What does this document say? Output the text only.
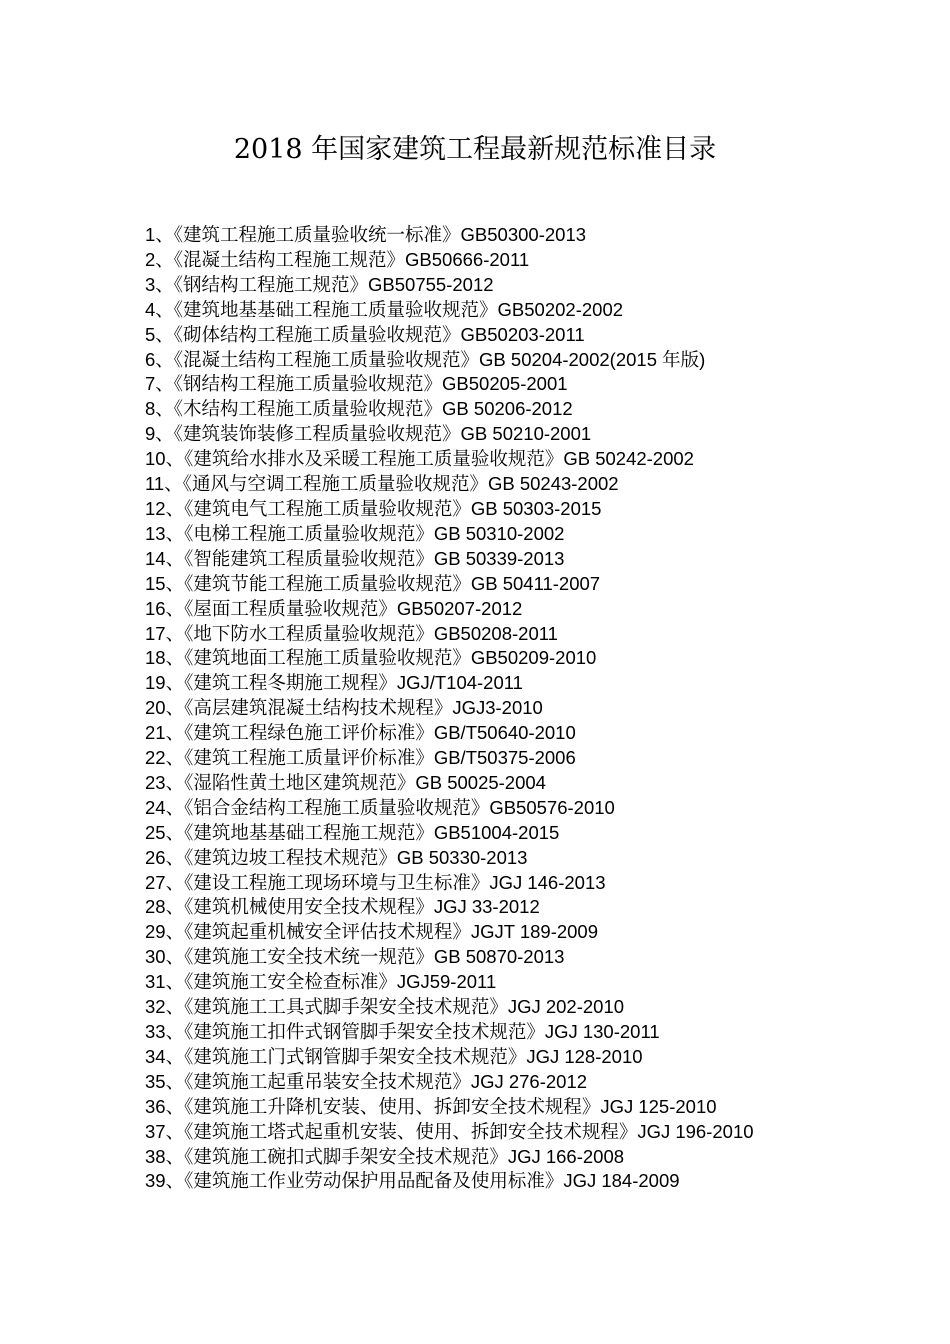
2018 年国家建筑工程最新规范标准目录
1、《建筑工程施工质量验收统一标准》GB50300-2013
2、《混凝土结构工程施工规范》GB50666-2011
3、《钢结构工程施工规范》GB50755-2012
4、《建筑地基基础工程施工质量验收规范》GB50202-2002
5、《砌体结构工程施工质量验收规范》GB50203-2011
6、《混凝土结构工程施工质量验收规范》GB 50204-2002(2015 年版)
7、《钢结构工程施工质量验收规范》GB50205-2001
8、《木结构工程施工质量验收规范》GB 50206-2012
9、《建筑装饰装修工程质量验收规范》GB 50210-2001
10、《建筑给水排水及采暖工程施工质量验收规范》GB 50242-2002
11、《通风与空调工程施工质量验收规范》GB 50243-2002
12、《建筑电气工程施工质量验收规范》GB 50303-2015
13、《电梯工程施工质量验收规范》GB 50310-2002
14、《智能建筑工程质量验收规范》GB 50339-2013
15、《建筑节能工程施工质量验收规范》GB 50411-2007
16、《屋面工程质量验收规范》GB50207-2012
17、《地下防水工程质量验收规范》GB50208-2011
18、《建筑地面工程施工质量验收规范》GB50209-2010
19、《建筑工程冬期施工规程》JGJ/T104-2011
20、《高层建筑混凝土结构技术规程》JGJ3-2010
21、《建筑工程绿色施工评价标准》GB/T50640-2010
22、《建筑工程施工质量评价标准》GB/T50375-2006
23、《湿陷性黄土地区建筑规范》GB 50025-2004
24、《铝合金结构工程施工质量验收规范》GB50576-2010
25、《建筑地基基础工程施工规范》GB51004-2015
26、《建筑边坡工程技术规范》GB 50330-2013
27、《建设工程施工现场环境与卫生标准》JGJ 146-2013
28、《建筑机械使用安全技术规程》JGJ 33-2012
29、《建筑起重机械安全评估技术规程》JGJT 189-2009
30、《建筑施工安全技术统一规范》GB 50870-2013
31、《建筑施工安全检查标准》JGJ59-2011
32、《建筑施工工具式脚手架安全技术规范》JGJ 202-2010
33、《建筑施工扣件式钢管脚手架安全技术规范》JGJ 130-2011
34、《建筑施工门式钢管脚手架安全技术规范》JGJ 128-2010
35、《建筑施工起重吊装安全技术规范》JGJ 276-2012
36、《建筑施工升降机安装、使用、拆卸安全技术规程》JGJ 125-2010
37、《建筑施工塔式起重机安装、使用、拆卸安全技术规程》JGJ 196-2010
38、《建筑施工碗扣式脚手架安全技术规范》JGJ 166-2008
39、《建筑施工作业劳动保护用品配备及使用标准》JGJ 184-2009
